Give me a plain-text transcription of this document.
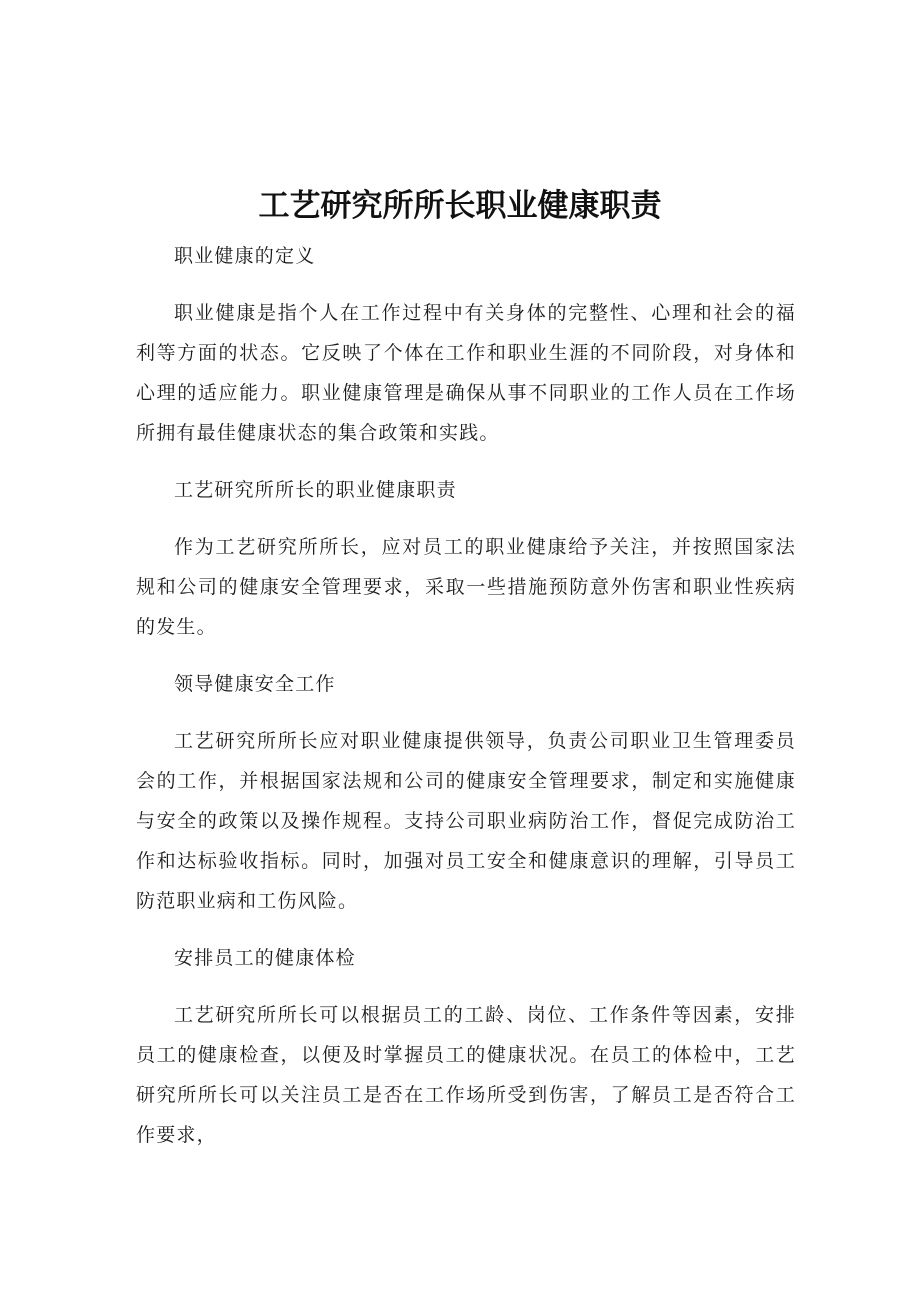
工艺研究所所长职业健康职责

职业健康的定义

职业健康是指个人在工作过程中有关身体的完整性、心理和社会的福利等方面的状态。它反映了个体在工作和职业生涯的不同阶段，对身体和心理的适应能力。职业健康管理是确保从事不同职业的工作人员在工作场所拥有最佳健康状态的集合政策和实践。

工艺研究所所长的职业健康职责

作为工艺研究所所长，应对员工的职业健康给予关注，并按照国家法规和公司的健康安全管理要求，采取一些措施预防意外伤害和职业性疾病的发生。

领导健康安全工作

工艺研究所所长应对职业健康提供领导，负责公司职业卫生管理委员会的工作，并根据国家法规和公司的健康安全管理要求，制定和实施健康与安全的政策以及操作规程。支持公司职业病防治工作，督促完成防治工作和达标验收指标。同时，加强对员工安全和健康意识的理解，引导员工防范职业病和工伤风险。

安排员工的健康体检

工艺研究所所长可以根据员工的工龄、岗位、工作条件等因素，安排员工的健康检查，以便及时掌握员工的健康状况。在员工的体检中，工艺研究所所长可以关注员工是否在工作场所受到伤害，了解员工是否符合工作要求，
